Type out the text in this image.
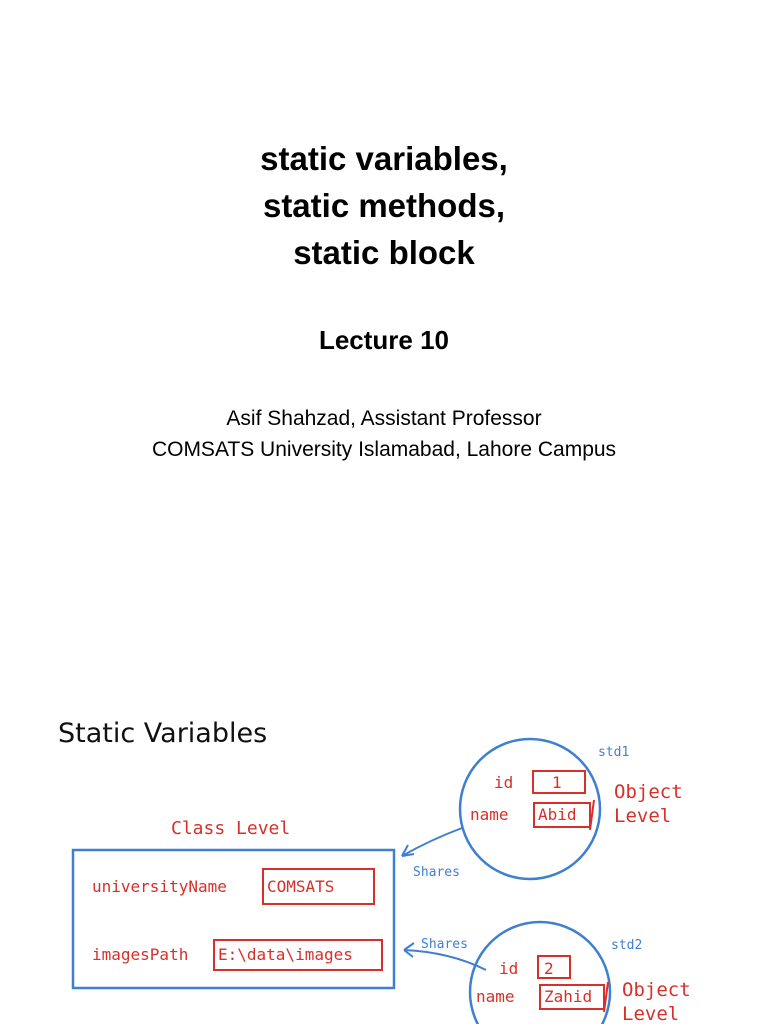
static variables,
static methods,
static block
Lecture 10
Asif Shahzad, Assistant Professor
COMSATS University Islamabad, Lahore Campus
Static Variables
Class Level
universityName	COMSATS
imagesPath E:\data\images
std1
id 1
name Abid
Object
Level
std2
id 2
name Zahid Object
Level
Shares
Shares
